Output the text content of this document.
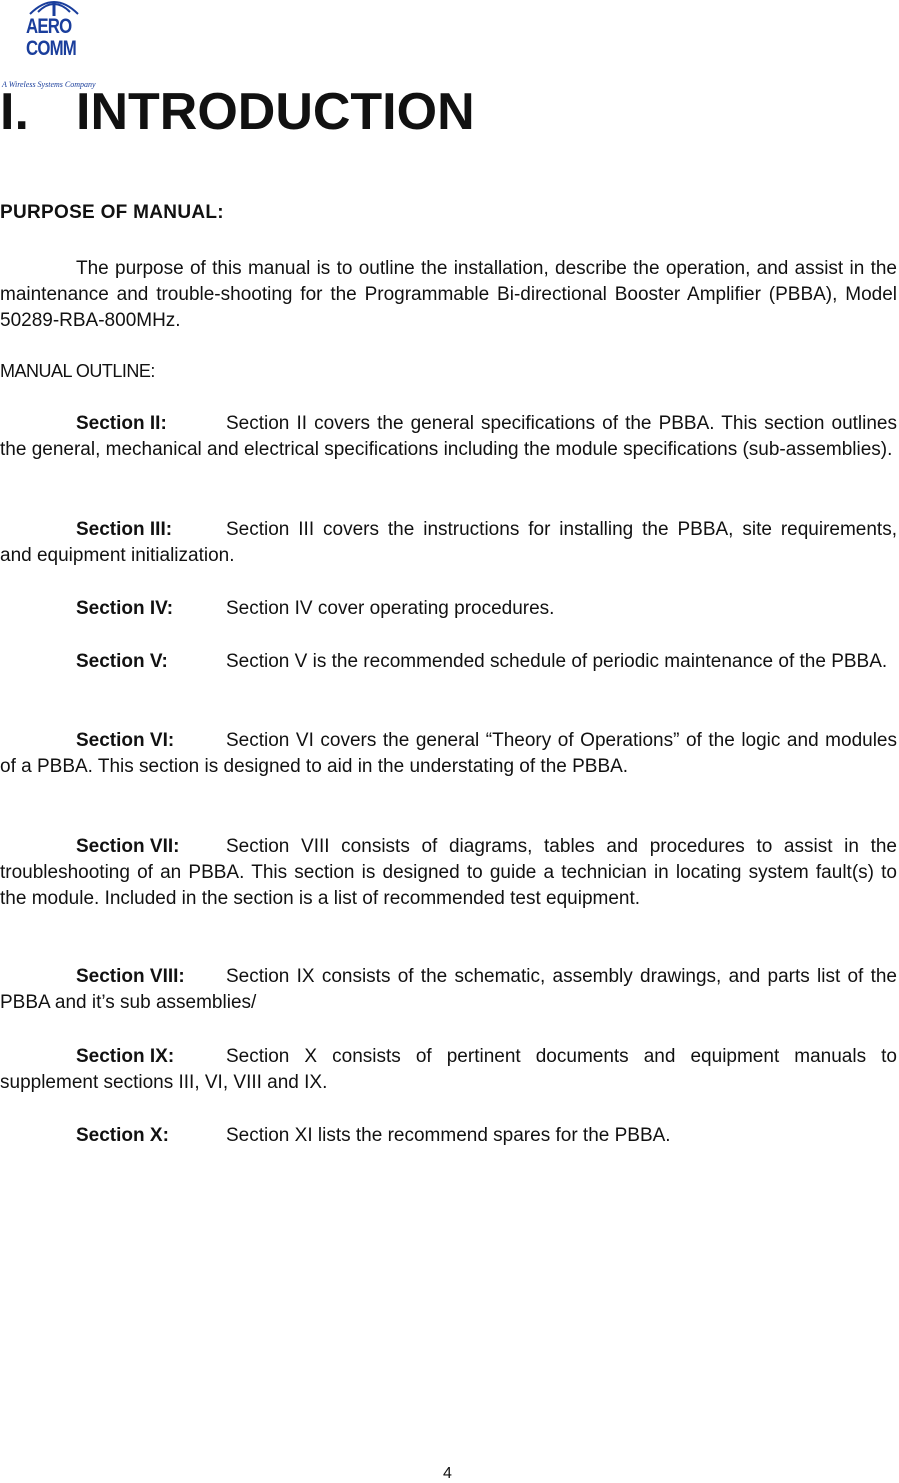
AERO
COMM
A Wireless Systems Company
I. INTRODUCTION
PURPOSE OF MANUAL:
The purpose of this manual is to outline the installation, describe the operation, and assist in the maintenance and trouble-shooting for the Programmable Bi-directional Booster Amplifier (PBBA), Model 50289-RBA-800MHz.
MANUAL OUTLINE:
Section II:	Section II covers the general specifications of the PBBA. This section outlines the general, mechanical and electrical specifications including the module specifications (sub-assemblies).
Section III:	Section III covers the instructions for installing the PBBA, site requirements, and equipment initialization.
Section IV:	Section IV cover operating procedures.
Section V:	Section V is the recommended schedule of periodic maintenance of the PBBA.
Section VI:	Section VI covers the general “Theory of Operations” of the logic and modules of a PBBA. This section is designed to aid in the understating of the PBBA.
Section VII: Section VIII consists of diagrams, tables and procedures to assist in the troubleshooting of an PBBA. This section is designed to guide a technician in locating system fault(s) to the module. Included in the section is a list of recommended test equipment.
Section VIII: Section IX consists of the schematic, assembly drawings, and parts list of the PBBA and it’s sub assemblies/
Section IX:	Section X consists of pertinent documents and equipment manuals to supplement sections III, VI, VIII and IX.
Section X:	Section XI lists the recommend spares for the PBBA.
4
